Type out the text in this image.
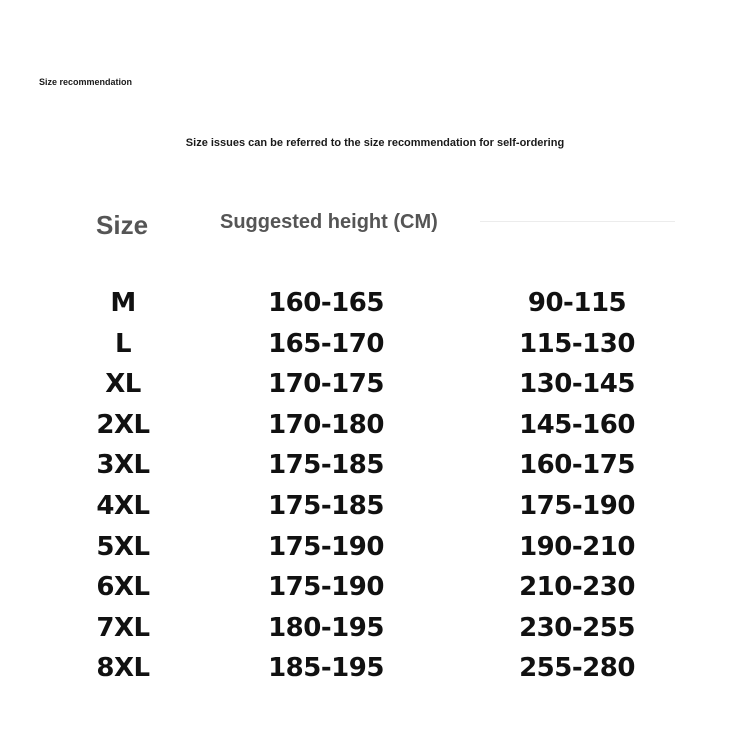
Size recommendation
Size issues can be referred to the size recommendation for self-ordering
Size	Suggested height (CM)
M	160-165	90-115
L	165-170	115-130
XL	170-175	130-145
2XL	170-180	145-160
3XL	175-185	160-175
4XL	175-185	175-190
5XL	175-190	190-210
6XL	175-190	210-230
7XL	180-195	230-255
8XL	185-195	255-280
